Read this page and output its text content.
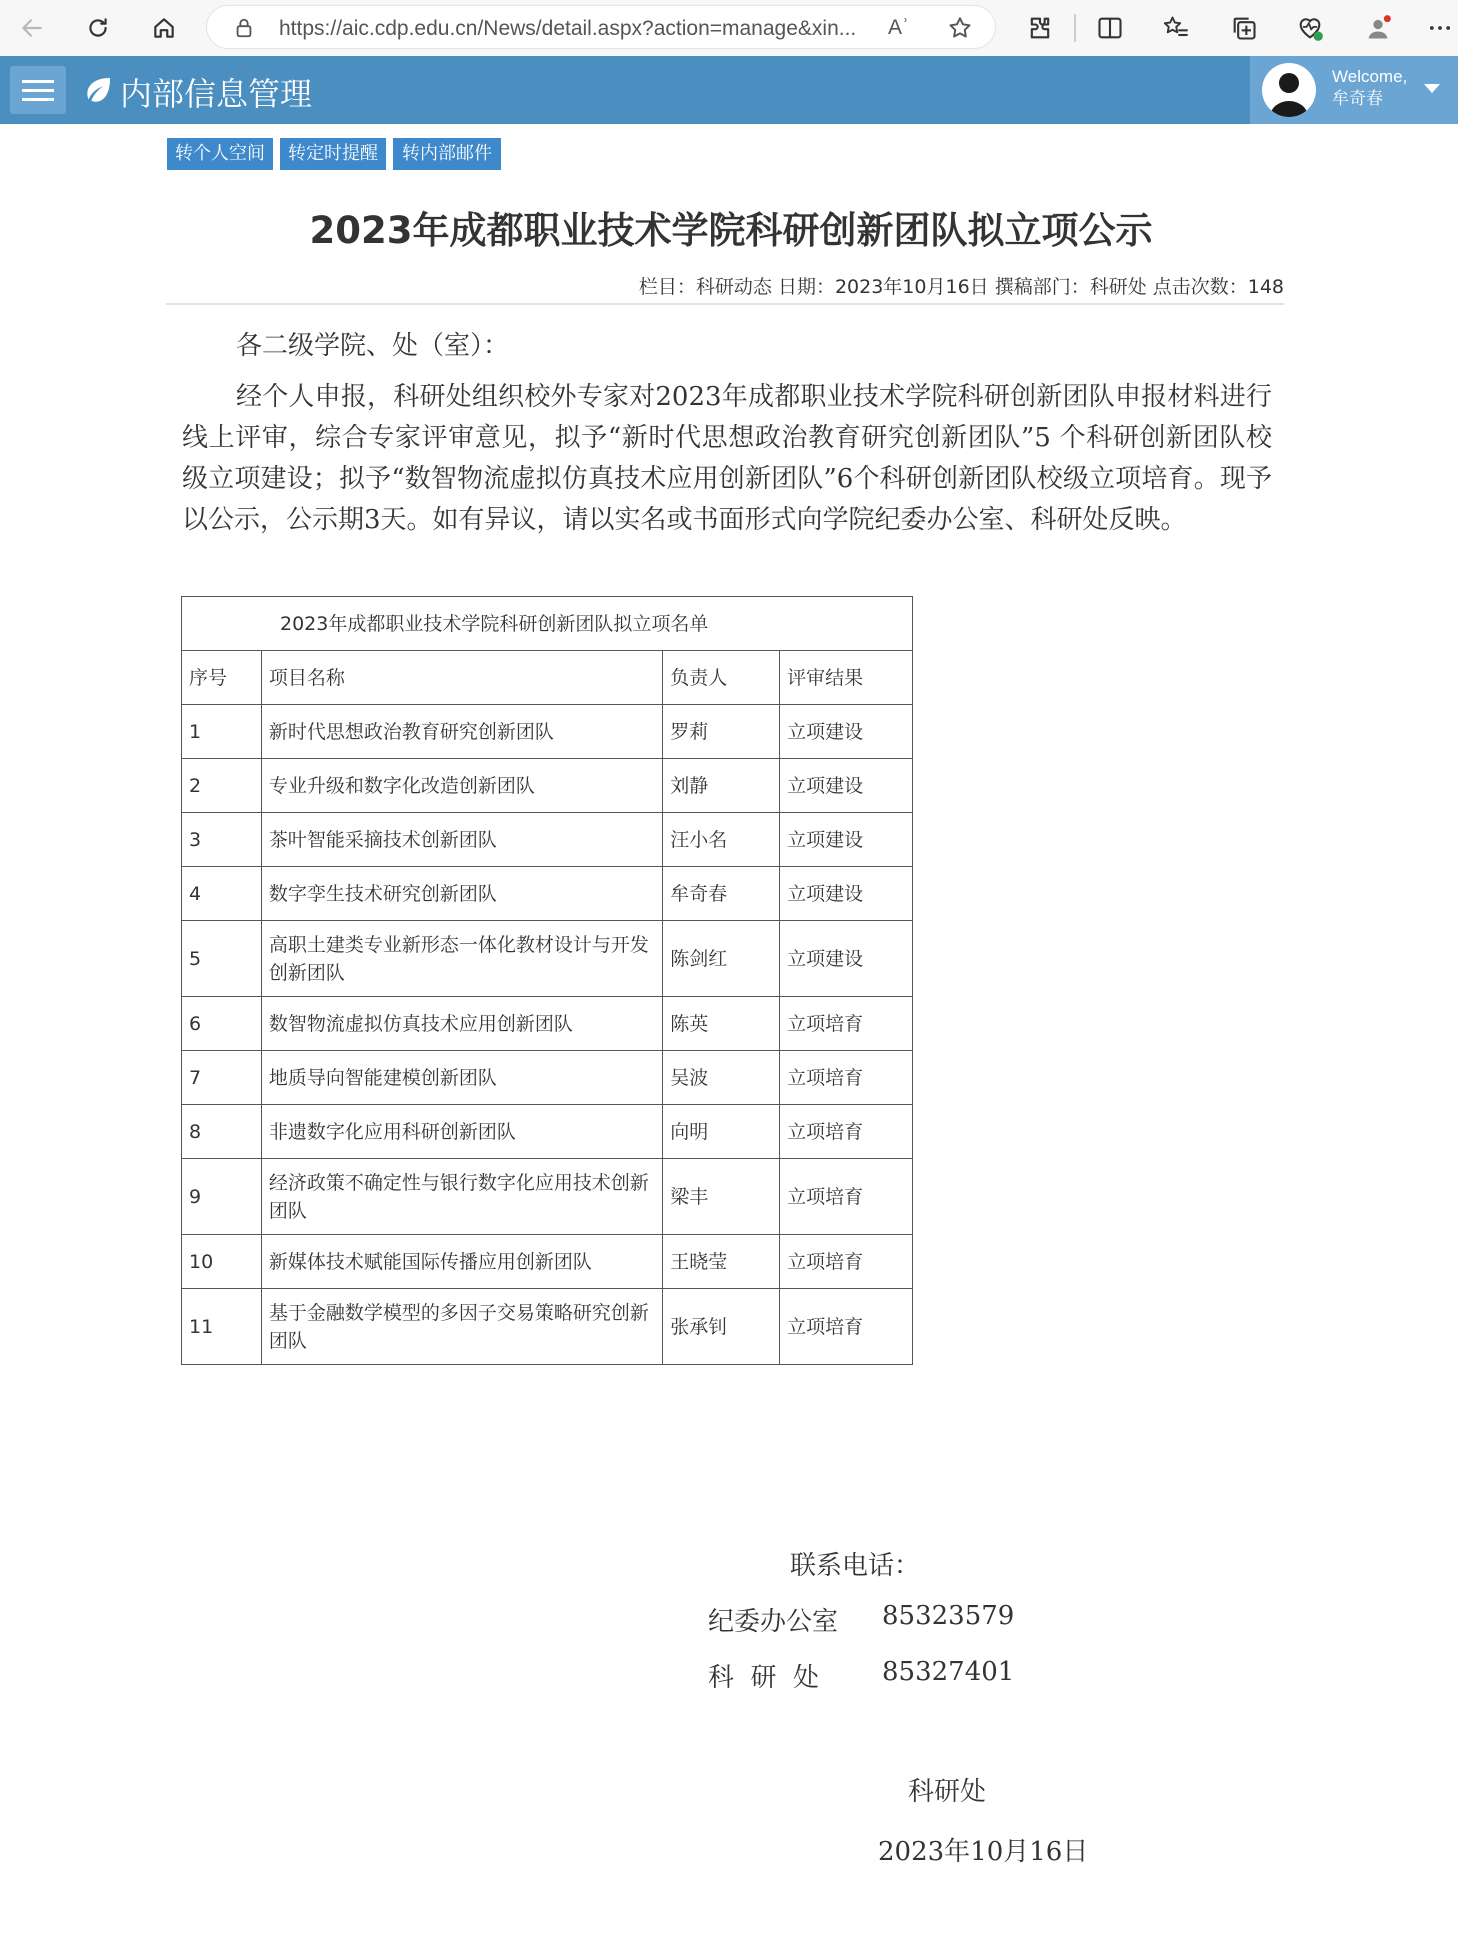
https://aic.cdp.edu.cn/News/detail.aspx?action=manage&xin... Aʾ
内部信息管理	Welcome,
牟奇春
转个人空间	转定时提醒	转内部邮件
2023年成都职业技术学院科研创新团队拟立项公示
栏目：科研动态 日期：2023年10月16日 撰稿部门：科研处 点击次数：148
各二级学院、处（室）：
经个人申报，科研处组织校外专家对2023年成都职业技术学院科研创新团队申报材料进行线上评审，综合专家评审意见，拟予“新时代思想政治教育研究创新团队”5 个科研创新团队校级立项建设；拟予“数智物流虚拟仿真技术应用创新团队”6个科研创新团队校级立项培育。现予以公示，公示期3天。如有异议，请以实名或书面形式向学院纪委办公室、科研处反映。
2023年成都职业技术学院科研创新团队拟立项名单			
序号	项目名称	负责人	评审结果
1	新时代思想政治教育研究创新团队	罗莉	立项建设
2	专业升级和数字化改造创新团队	刘静	立项建设
3	茶叶智能采摘技术创新团队	汪小名	立项建设
4	数字孪生技术研究创新团队	牟奇春	立项建设
5	高职土建类专业新形态一体化教材设计与开发创新团队	陈剑红	立项建设
6	数智物流虚拟仿真技术应用创新团队	陈英	立项培育
7	地质导向智能建模创新团队	吴波	立项培育
8	非遗数字化应用科研创新团队	向明	立项培育
9	经济政策不确定性与银行数字化应用技术创新团队	梁丰	立项培育
10	新媒体技术赋能国际传播应用创新团队	王晓莹	立项培育
11	基于金融数学模型的多因子交易策略研究创新团队	张承钊	立项培育
联系电话：
纪委办公室 85323579
科  研  处 85327401
科研处
2023年10月16日
